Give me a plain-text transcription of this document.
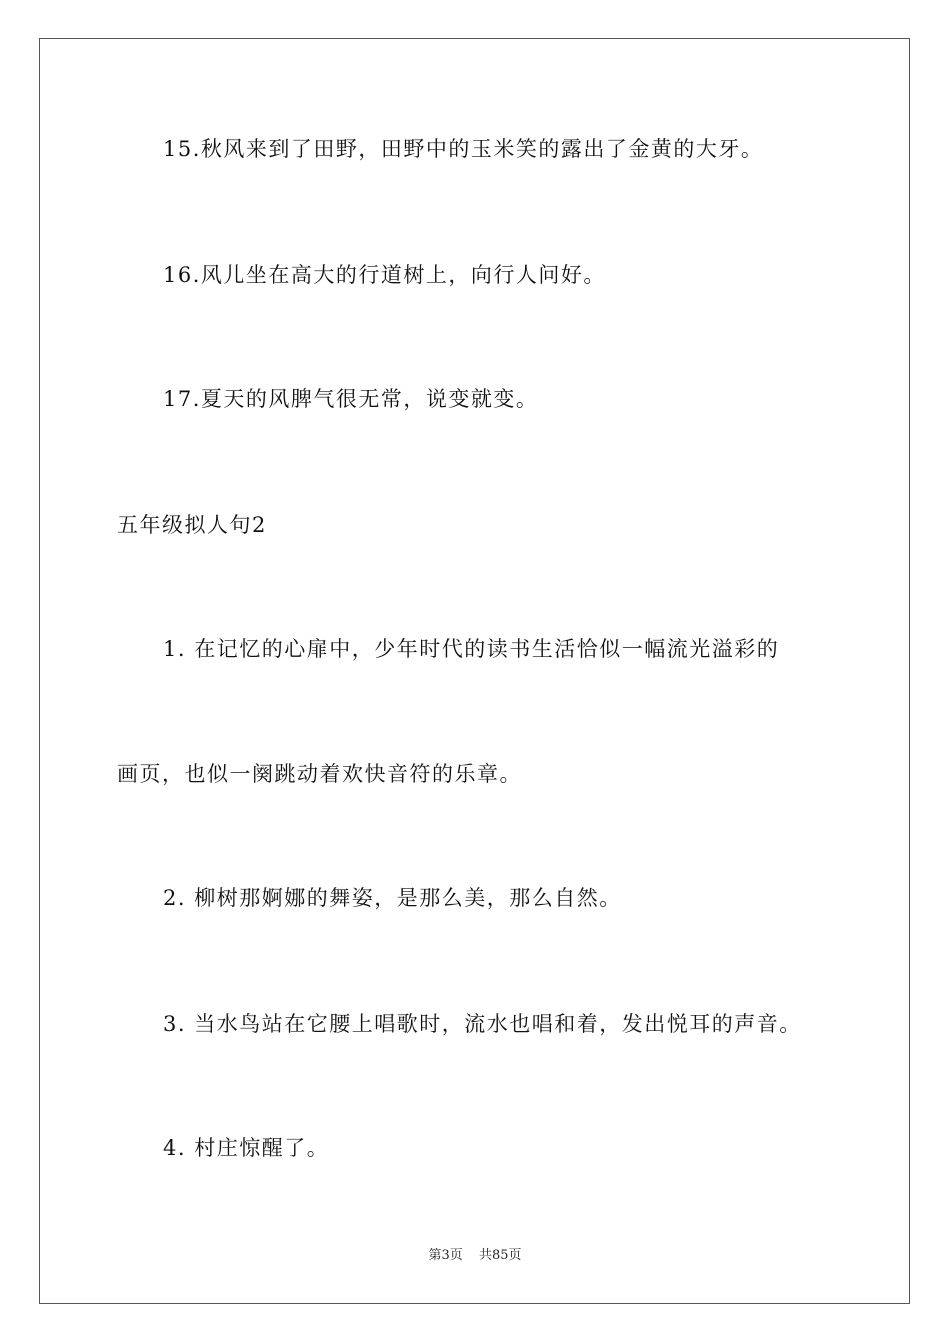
15.秋风来到了田野，田野中的玉米笑的露出了金黄的大牙。
16.风儿坐在高大的行道树上，向行人问好。
17.夏天的风脾气很无常，说变就变。
五年级拟人句2
1. 在记忆的心扉中，少年时代的读书生活恰似一幅流光溢彩的
画页，也似一阕跳动着欢快音符的乐章。
2. 柳树那婀娜的舞姿，是那么美，那么自然。
3. 当水鸟站在它腰上唱歌时，流水也唱和着，发出悦耳的声音。
4. 村庄惊醒了。
第3页 共85页
